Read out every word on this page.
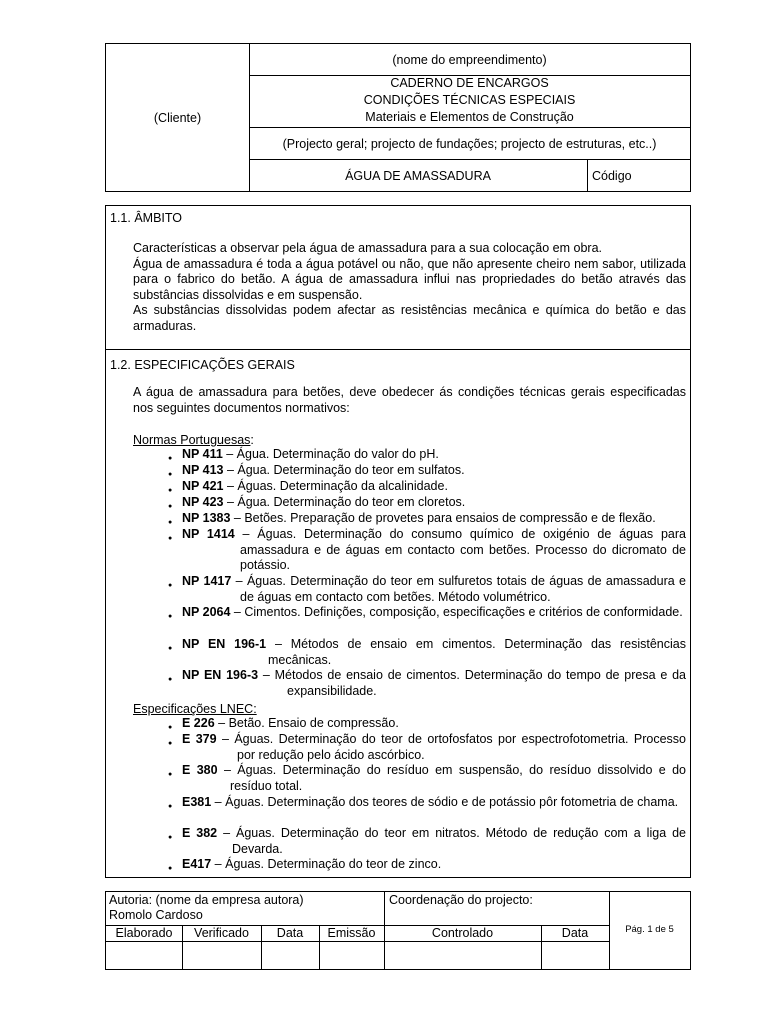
(Cliente)
(nome do empreendimento)
CADERNO DE ENCARGOS
CONDIÇÕES TÉCNICAS ESPECIAIS
Materiais e Elementos de Construção
(Projecto geral; projecto de fundações; projecto de estruturas, etc..)
ÁGUA DE AMASSADURA	Código
1.1. ÂMBITO
Características a observar pela água de amassadura para a sua colocação em obra.
Água de amassadura é toda a água potável ou não, que não apresente cheiro nem sabor, utilizada para o fabrico do betão. A água de amassadura influi nas propriedades do betão através das substâncias dissolvidas e em suspensão.
As substâncias dissolvidas podem afectar as resistências mecânica e química do betão e das armaduras.
1.2. ESPECIFICAÇÕES GERAIS
A água de amassadura para betões, deve obedecer ás condições técnicas gerais especificadas nos seguintes documentos normativos:
Normas Portuguesas:
● NP 411 – Água. Determinação do valor do pH.
● NP 413 – Água. Determinação do teor em sulfatos.
● NP 421 – Águas. Determinação da alcalinidade.
● NP 423 – Água. Determinação do teor em cloretos.
● NP 1383 – Betões. Preparação de provetes para ensaios de compressão e de flexão.
● NP 1414 – Águas. Determinação do consumo químico de oxigénio de águas para amassadura e de águas em contacto com betões. Processo do dicromato de potássio.
● NP 1417 – Águas. Determinação do teor em sulfuretos totais de águas de amassadura e de águas em contacto com betões. Método volumétrico.
● NP 2064 – Cimentos. Definições, composição, especificações e critérios de conformidade.
● NP EN 196-1 – Métodos de ensaio em cimentos. Determinação das resistências mecânicas.
● NP EN 196-3 – Métodos de ensaio de cimentos. Determinação do tempo de presa e da expansibilidade.
Especificações LNEC:
● E 226 – Betão. Ensaio de compressão.
● E 379 – Águas. Determinação do teor de ortofosfatos por espectrofotometria. Processo por redução pelo ácido ascórbico.
● E 380 – Águas. Determinação do resíduo em suspensão, do resíduo dissolvido e do resíduo total.
● E381 – Águas. Determinação dos teores de sódio e de potássio pôr fotometria de chama.
● E 382 – Águas. Determinação do teor em nitratos. Método de redução com a liga de Devarda.
● E417 – Águas. Determinação do teor de zinco.
Autoria: (nome da empresa autora)
Romolo Cardoso
Coordenação do projecto:
Elaborado	Verificado	Data	Emissão	Controlado	Data	Pág. 1 de 5
